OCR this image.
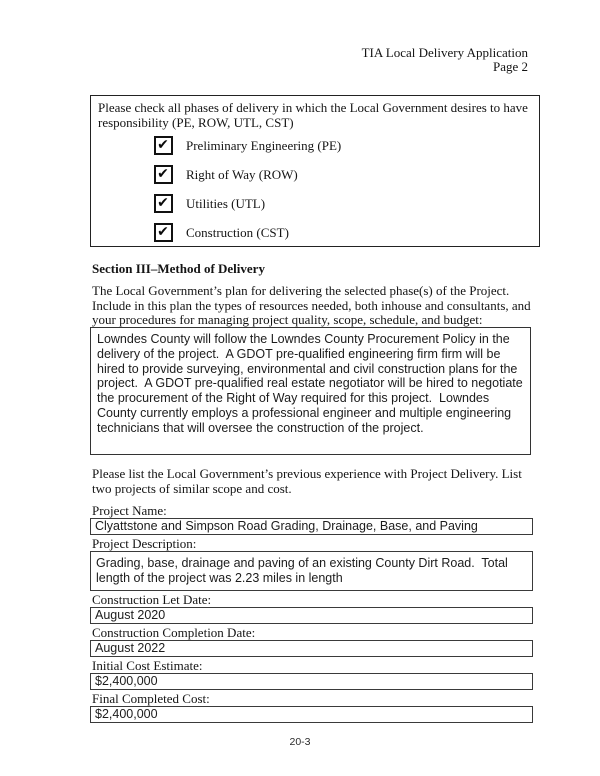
TIA Local Delivery Application
Page 2
Please check all phases of delivery in which the Local Government desires to have responsibility (PE, ROW, UTL, CST)
✔ Preliminary Engineering (PE)
✔ Right of Way (ROW)
✔ Utilities (UTL)
✔ Construction (CST)
Section III–Method of Delivery
The Local Government’s plan for delivering the selected phase(s) of the Project. Include in this plan the types of resources needed, both inhouse and consultants, and your procedures for managing project quality, scope, schedule, and budget:
Lowndes County will follow the Lowndes County Procurement Policy in the delivery of the project.  A GDOT pre-qualified engineering firm firm will be hired to provide surveying, environmental and civil construction plans for the project.  A GDOT pre-qualified real estate negotiator will be hired to negotiate the procurement of the Right of Way required for this project.  Lowndes County currently employs a professional engineer and multiple engineering technicians that will oversee the construction of the project.
Please list the Local Government’s previous experience with Project Delivery. List two projects of similar scope and cost.
Project Name:
Clyattstone and Simpson Road Grading, Drainage, Base, and Paving
Project Description:
Grading, base, drainage and paving of an existing County Dirt Road.  Total length of the project was 2.23 miles in length
Construction Let Date:
August 2020
Construction Completion Date:
August 2022
Initial Cost Estimate:
$2,400,000
Final Completed Cost:
$2,400,000
20-3
